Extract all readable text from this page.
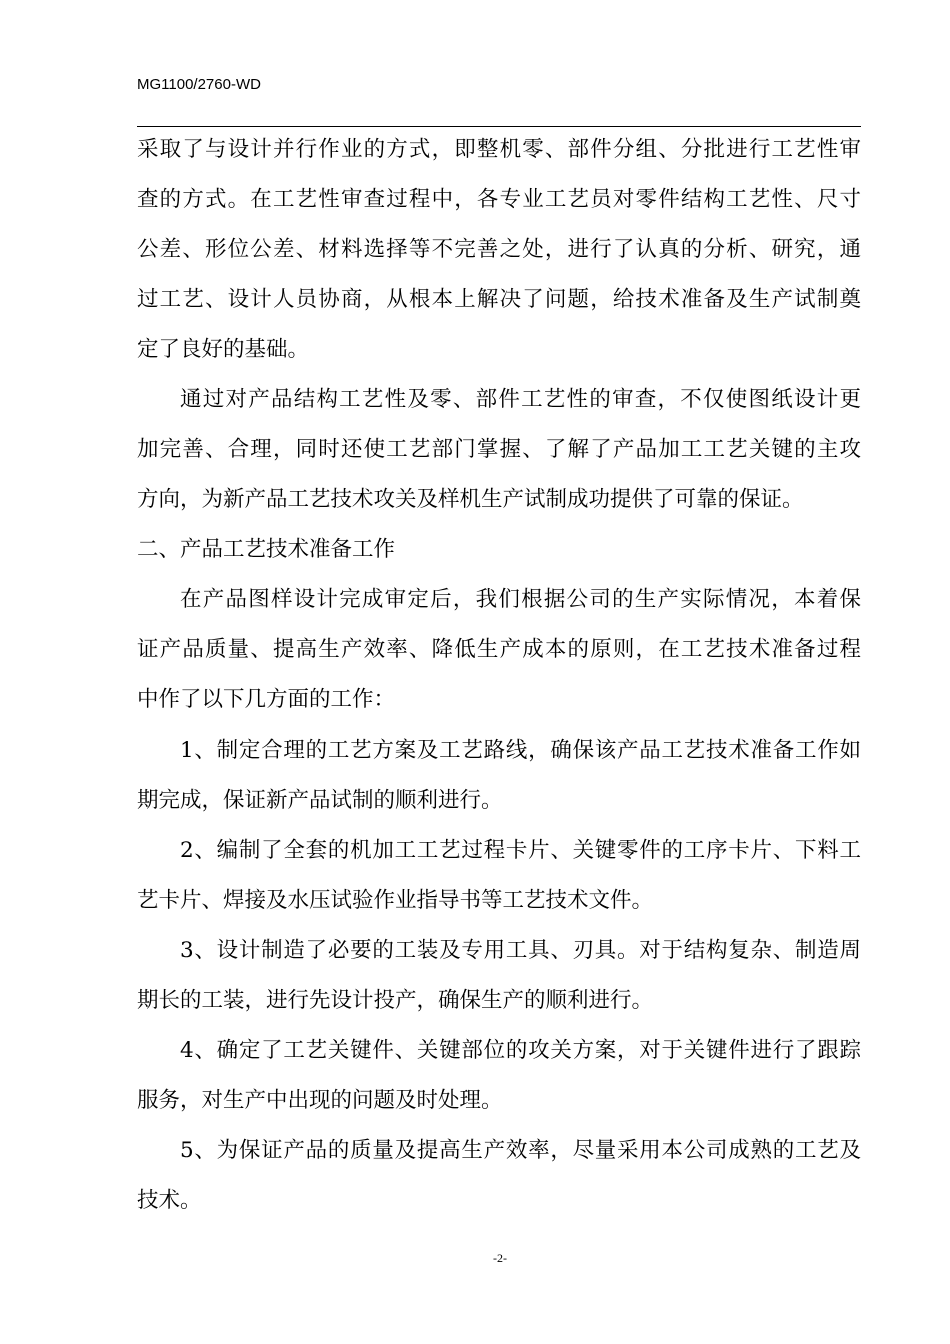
MG1100/2760-WD
采取了与设计并行作业的方式，即整机零、部件分组、分批进行工艺性审
查的方式。在工艺性审查过程中，各专业工艺员对零件结构工艺性、尺寸
公差、形位公差、材料选择等不完善之处，进行了认真的分析、研究，通
过工艺、设计人员协商，从根本上解决了问题，给技术准备及生产试制奠
定了良好的基础。
通过对产品结构工艺性及零、部件工艺性的审查，不仅使图纸设计更
加完善、合理，同时还使工艺部门掌握、了解了产品加工工艺关键的主攻
方向，为新产品工艺技术攻关及样机生产试制成功提供了可靠的保证。
二、产品工艺技术准备工作
在产品图样设计完成审定后，我们根据公司的生产实际情况，本着保
证产品质量、提高生产效率、降低生产成本的原则，在工艺技术准备过程
中作了以下几方面的工作：
1、制定合理的工艺方案及工艺路线，确保该产品工艺技术准备工作如
期完成，保证新产品试制的顺利进行。
2、编制了全套的机加工工艺过程卡片、关键零件的工序卡片、下料工
艺卡片、焊接及水压试验作业指导书等工艺技术文件。
3、设计制造了必要的工装及专用工具、刃具。对于结构复杂、制造周
期长的工装，进行先设计投产，确保生产的顺利进行。
4、确定了工艺关键件、关键部位的攻关方案，对于关键件进行了跟踪
服务，对生产中出现的问题及时处理。
5、为保证产品的质量及提高生产效率，尽量采用本公司成熟的工艺及
技术。
-2-
